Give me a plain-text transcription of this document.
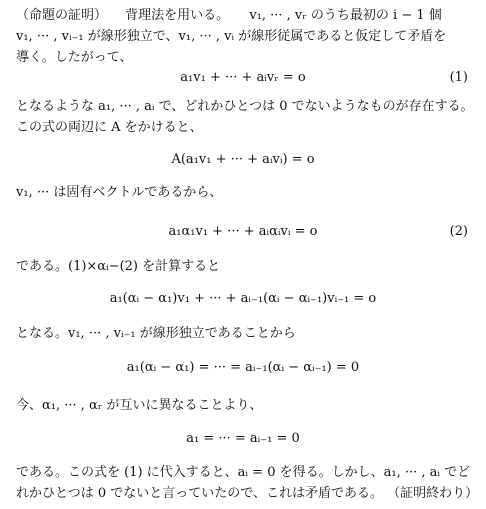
（命題の証明） 背理法を用いる。 v₁, ··· , vᵣ のうち最初の i − 1 個
v₁, ··· , vᵢ₋₁ が線形独立で、v₁, ··· , vᵢ が線形従属であると仮定して矛盾を
導く。したがって、
a₁v₁ + ··· + aᵢvᵣ = o	(1)
となるような a₁, ··· , aᵢ で、どれかひとつは 0 でないようなものが存在する。
この式の両辺に A をかけると、
A(a₁v₁ + ··· + aᵢvᵢ) = o
v₁, ··· は固有ベクトルであるから、
a₁α₁v₁ + ··· + aᵢαᵢvᵢ = o	(2)
である。(1)×αᵢ−(2) を計算すると
a₁(αᵢ − α₁)v₁ + ··· + aᵢ₋₁(αᵢ − αᵢ₋₁)vᵢ₋₁ = o
となる。v₁, ··· , vᵢ₋₁ が線形独立であることから
a₁(αᵢ − α₁) = ··· = aᵢ₋₁(αᵢ − αᵢ₋₁) = 0
今、α₁, ··· , αᵣ が互いに異なることより、
a₁ = ··· = aᵢ₋₁ = 0
である。この式を (1) に代入すると、aᵢ = 0 を得る。しかし、a₁, ··· , aᵢ でど
れかひとつは 0 でないと言っていたので、これは矛盾である。 （証明終わり）
